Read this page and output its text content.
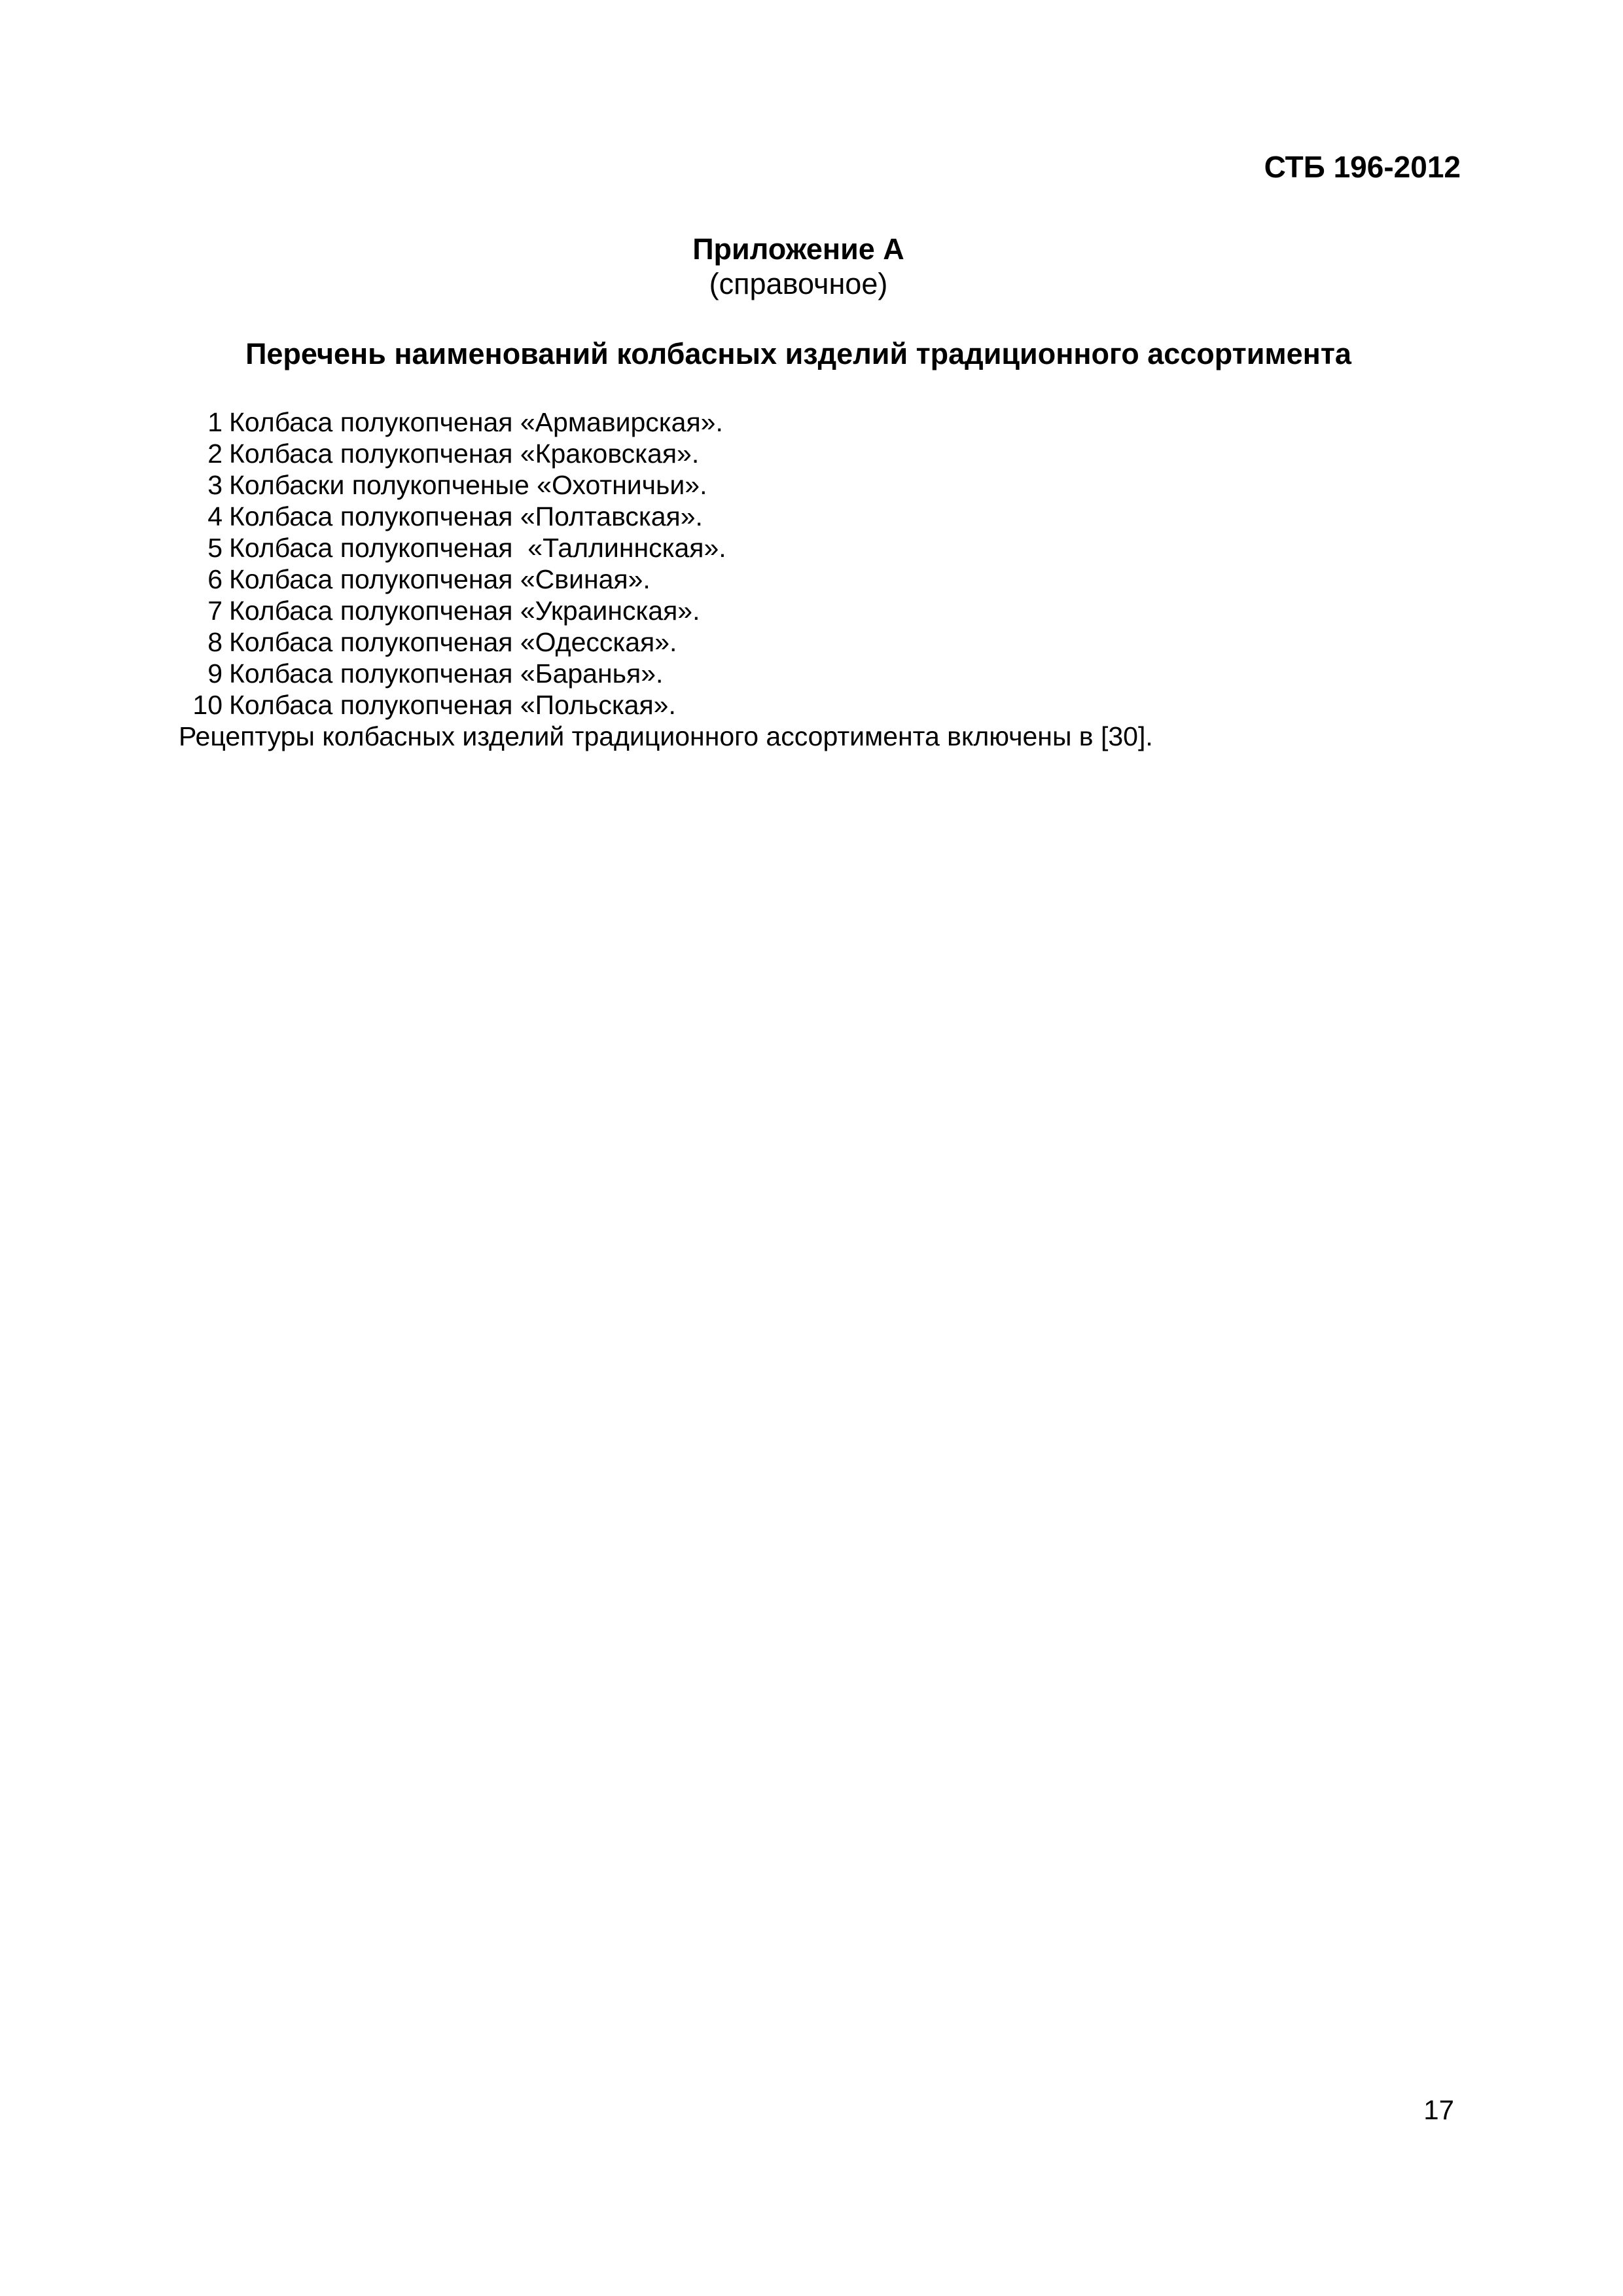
СТБ 196-2012
Приложение А
(справочное)
Перечень наименований колбасных изделий традиционного ассортимента
1 Колбаса полукопченая «Армавирская».
2 Колбаса полукопченая «Краковская».
3 Колбаски полукопченые «Охотничьи».
4 Колбаса полукопченая «Полтавская».
5 Колбаса полукопченая  «Таллиннская».
6 Колбаса полукопченая «Свиная».
7 Колбаса полукопченая «Украинская».
8 Колбаса полукопченая «Одесская».
9 Колбаса полукопченая «Баранья».
10 Колбаса полукопченая «Польская».
Рецептуры колбасных изделий традиционного ассортимента включены в [30].
17
